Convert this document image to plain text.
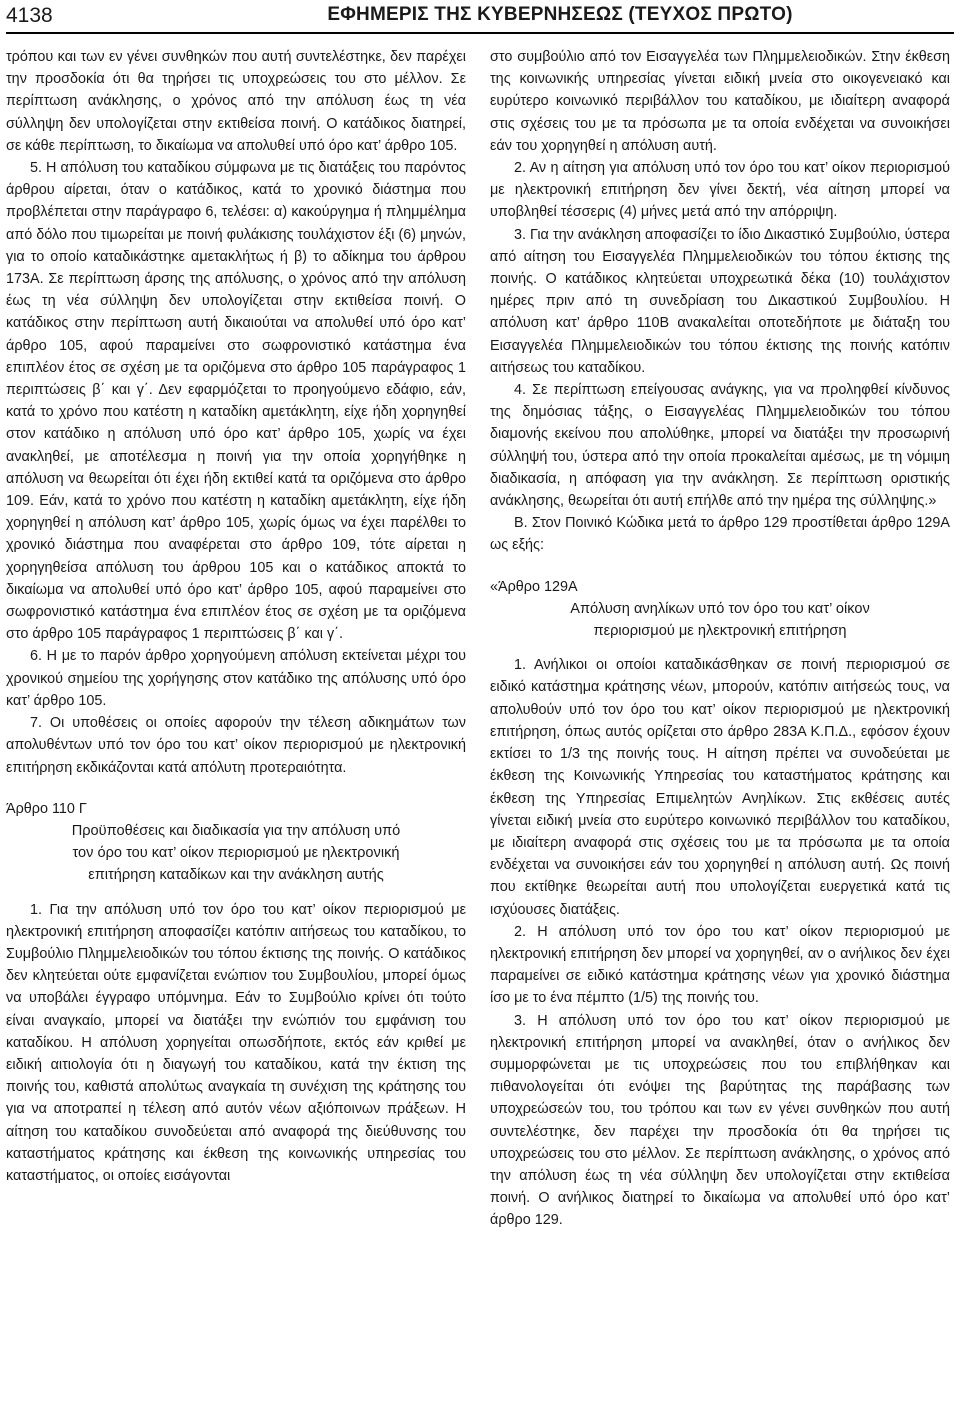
4138	ΕΦΗΜΕΡΙΣ ΤΗΣ ΚΥΒΕΡΝΗΣΕΩΣ (ΤΕΥΧΟΣ ΠΡΩΤΟ)

τρόπου και των εν γένει συνθηκών που αυτή συντελέστηκε, δεν παρέχει την προσδοκία ότι θα τηρήσει τις υποχρεώσεις του στο μέλλον. Σε περίπτωση ανάκλησης, ο χρόνος από την απόλυση έως τη νέα σύλληψη δεν υπολογίζεται στην εκτιθείσα ποινή. Ο κατάδικος διατηρεί, σε κάθε περίπτωση, το δικαίωμα να απολυθεί υπό όρο κατ’ άρθρο 105.

5. Η απόλυση του καταδίκου σύμφωνα με τις διατάξεις του παρόντος άρθρου αίρεται, όταν ο κατάδικος, κατά το χρονικό διάστημα που προβλέπεται στην παράγραφο 6, τελέσει: α) κακούργημα ή πλημμέλημα από δόλο που τιμωρείται με ποινή φυλάκισης τουλάχιστον έξι (6) μηνών, για το οποίο καταδικάστηκε αμετακλήτως ή β) το αδίκημα του άρθρου 173Α. Σε περίπτωση άρσης της απόλυσης, ο χρόνος από την απόλυση έως τη νέα σύλληψη δεν υπολογίζεται στην εκτιθείσα ποινή. Ο κατάδικος στην περίπτωση αυτή δικαιούται να απολυθεί υπό όρο κατ’ άρθρο 105, αφού παραμείνει στο σωφρονιστικό κατάστημα ένα επιπλέον έτος σε σχέση με τα οριζόμενα στο άρθρο 105 παράγραφος 1 περιπτώσεις β΄ και γ΄. Δεν εφαρμόζεται το προηγούμενο εδάφιο, εάν, κατά το χρόνο που κατέστη η καταδίκη αμετάκλητη, είχε ήδη χορηγηθεί στον κατάδικο η απόλυση υπό όρο κατ’ άρθρο 105, χωρίς να έχει ανακληθεί, με αποτέλεσμα η ποινή για την οποία χορηγήθηκε η απόλυση να θεωρείται ότι έχει ήδη εκτιθεί κατά τα οριζόμενα στο άρθρο 109. Εάν, κατά το χρόνο που κατέστη η καταδίκη αμετάκλητη, είχε ήδη χορηγηθεί η απόλυση κατ’ άρθρο 105, χωρίς όμως να έχει παρέλθει το χρονικό διάστημα που αναφέρεται στο άρθρο 109, τότε αίρεται η χορηγηθείσα απόλυση του άρθρου 105 και ο κατάδικος αποκτά το δικαίωμα να απολυθεί υπό όρο κατ’ άρθρο 105, αφού παραμείνει στο σωφρονιστικό κατάστημα ένα επιπλέον έτος σε σχέση με τα οριζόμενα στο άρθρο 105 παράγραφος 1 περιπτώσεις β΄ και γ΄.

6. Η με το παρόν άρθρο χορηγούμενη απόλυση εκτείνεται μέχρι του χρονικού σημείου της χορήγησης στον κατάδικο της απόλυσης υπό όρο κατ’ άρθρο 105.

7. Οι υποθέσεις οι οποίες αφορούν την τέλεση αδικημάτων των απολυθέντων υπό τον όρο του κατ’ οίκον περιορισμού με ηλεκτρονική επιτήρηση εκδικάζονται κατά απόλυτη προτεραιότητα.

Άρθρο 110 Γ

Προϋποθέσεις και διαδικασία για την απόλυση υπό
τον όρο του κατ’ οίκον περιορισμού με ηλεκτρονική
επιτήρηση καταδίκων και την ανάκληση αυτής

1. Για την απόλυση υπό τον όρο του κατ’ οίκον περιορισμού με ηλεκτρονική επιτήρηση αποφασίζει κατόπιν αιτήσεως του καταδίκου, το Συμβούλιο Πλημμελειοδικών του τόπου έκτισης της ποινής. Ο κατάδικος δεν κλητεύεται ούτε εμφανίζεται ενώπιον του Συμβουλίου, μπορεί όμως να υποβάλει έγγραφο υπόμνημα. Εάν το Συμβούλιο κρίνει ότι τούτο είναι αναγκαίο, μπορεί να διατάξει την ενώπιόν του εμφάνιση του καταδίκου. Η απόλυση χορηγείται οπωσδήποτε, εκτός εάν κριθεί με ειδική αιτιολογία ότι η διαγωγή του καταδίκου, κατά την έκτιση της ποινής του, καθιστά απολύτως αναγκαία τη συνέχιση της κράτησης του για να αποτραπεί η τέλεση από αυτόν νέων αξιόποινων πράξεων. Η αίτηση του καταδίκου συνοδεύεται από αναφορά της διεύθυνσης του καταστήματος κράτησης και έκθεση της κοινωνικής υπηρεσίας του καταστήματος, οι οποίες εισάγονται

στο συμβούλιο από τον Εισαγγελέα των Πλημμελειοδικών. Στην έκθεση της κοινωνικής υπηρεσίας γίνεται ειδική μνεία στο οικογενειακό και ευρύτερο κοινωνικό περιβάλλον του καταδίκου, με ιδιαίτερη αναφορά στις σχέσεις του με τα πρόσωπα με τα οποία ενδέχεται να συνοικήσει εάν του χορηγηθεί η απόλυση αυτή.

2. Αν η αίτηση για απόλυση υπό τον όρο του κατ’ οίκον περιορισμού με ηλεκτρονική επιτήρηση δεν γίνει δεκτή, νέα αίτηση μπορεί να υποβληθεί τέσσερις (4) μήνες μετά από την απόρριψη.

3. Για την ανάκληση αποφασίζει το ίδιο Δικαστικό Συμβούλιο, ύστερα από αίτηση του Εισαγγελέα Πλημμελειοδικών του τόπου έκτισης της ποινής. Ο κατάδικος κλητεύεται υποχρεωτικά δέκα (10) τουλάχιστον ημέρες πριν από τη συνεδρίαση του Δικαστικού Συμβουλίου. Η απόλυση κατ’ άρθρο 110Β ανακαλείται οποτεδήποτε με διάταξη του Εισαγγελέα Πλημμελειοδικών του τόπου έκτισης της ποινής κατόπιν αιτήσεως του καταδίκου.

4. Σε περίπτωση επείγουσας ανάγκης, για να προληφθεί κίνδυνος της δημόσιας τάξης, ο Εισαγγελέας Πλημμελειοδικών του τόπου διαμονής εκείνου που απολύθηκε, μπορεί να διατάξει την προσωρινή σύλληψή του, ύστερα από την οποία προκαλείται αμέσως, με τη νόμιμη διαδικασία, η απόφαση για την ανάκληση. Σε περίπτωση οριστικής ανάκλησης, θεωρείται ότι αυτή επήλθε από την ημέρα της σύλληψης.»

Β. Στον Ποινικό Κώδικα μετά το άρθρο 129 προστίθεται άρθρο 129Α ως εξής:

«Άρθρο 129Α

Απόλυση ανηλίκων υπό τον όρο του κατ’ οίκον
περιορισμού με ηλεκτρονική επιτήρηση

1. Ανήλικοι οι οποίοι καταδικάσθηκαν σε ποινή περιορισμού σε ειδικό κατάστημα κράτησης νέων, μπορούν, κατόπιν αιτήσεώς τους, να απολυθούν υπό τον όρο του κατ’ οίκον περιορισμού με ηλεκτρονική επιτήρηση, όπως αυτός ορίζεται στο άρθρο 283Α Κ.Π.Δ., εφόσον έχουν εκτίσει το 1/3 της ποινής τους. Η αίτηση πρέπει να συνοδεύεται με έκθεση της Κοινωνικής Υπηρεσίας του καταστήματος κράτησης και έκθεση της Υπηρεσίας Επιμελητών Ανηλίκων. Στις εκθέσεις αυτές γίνεται ειδική μνεία στο ευρύτερο κοινωνικό περιβάλλον του καταδίκου, με ιδιαίτερη αναφορά στις σχέσεις του με τα πρόσωπα με τα οποία ενδέχεται να συνοικήσει εάν του χορηγηθεί η απόλυση αυτή. Ως ποινή που εκτίθηκε θεωρείται αυτή που υπολογίζεται ευεργετικά κατά τις ισχύουσες διατάξεις.

2. Η απόλυση υπό τον όρο του κατ’ οίκον περιορισμού με ηλεκτρονική επιτήρηση δεν μπορεί να χορηγηθεί, αν ο ανήλικος δεν έχει παραμείνει σε ειδικό κατάστημα κράτησης νέων για χρονικό διάστημα ίσο με το ένα πέμπτο (1/5) της ποινής του.

3. Η απόλυση υπό τον όρο του κατ’ οίκον περιορισμού με ηλεκτρονική επιτήρηση μπορεί να ανακληθεί, όταν ο ανήλικος δεν συμμορφώνεται με τις υποχρεώσεις που του επιβλήθηκαν και πιθανολογείται ότι ενόψει της βαρύτητας της παράβασης των υποχρεώσεών του, του τρόπου και των εν γένει συνθηκών που αυτή συντελέστηκε, δεν παρέχει την προσδοκία ότι θα τηρήσει τις υποχρεώσεις του στο μέλλον. Σε περίπτωση ανάκλησης, ο χρόνος από την απόλυση έως τη νέα σύλληψη δεν υπολογίζεται στην εκτιθείσα ποινή. Ο ανήλικος διατηρεί το δικαίωμα να απολυθεί υπό όρο κατ’ άρθρο 129.
